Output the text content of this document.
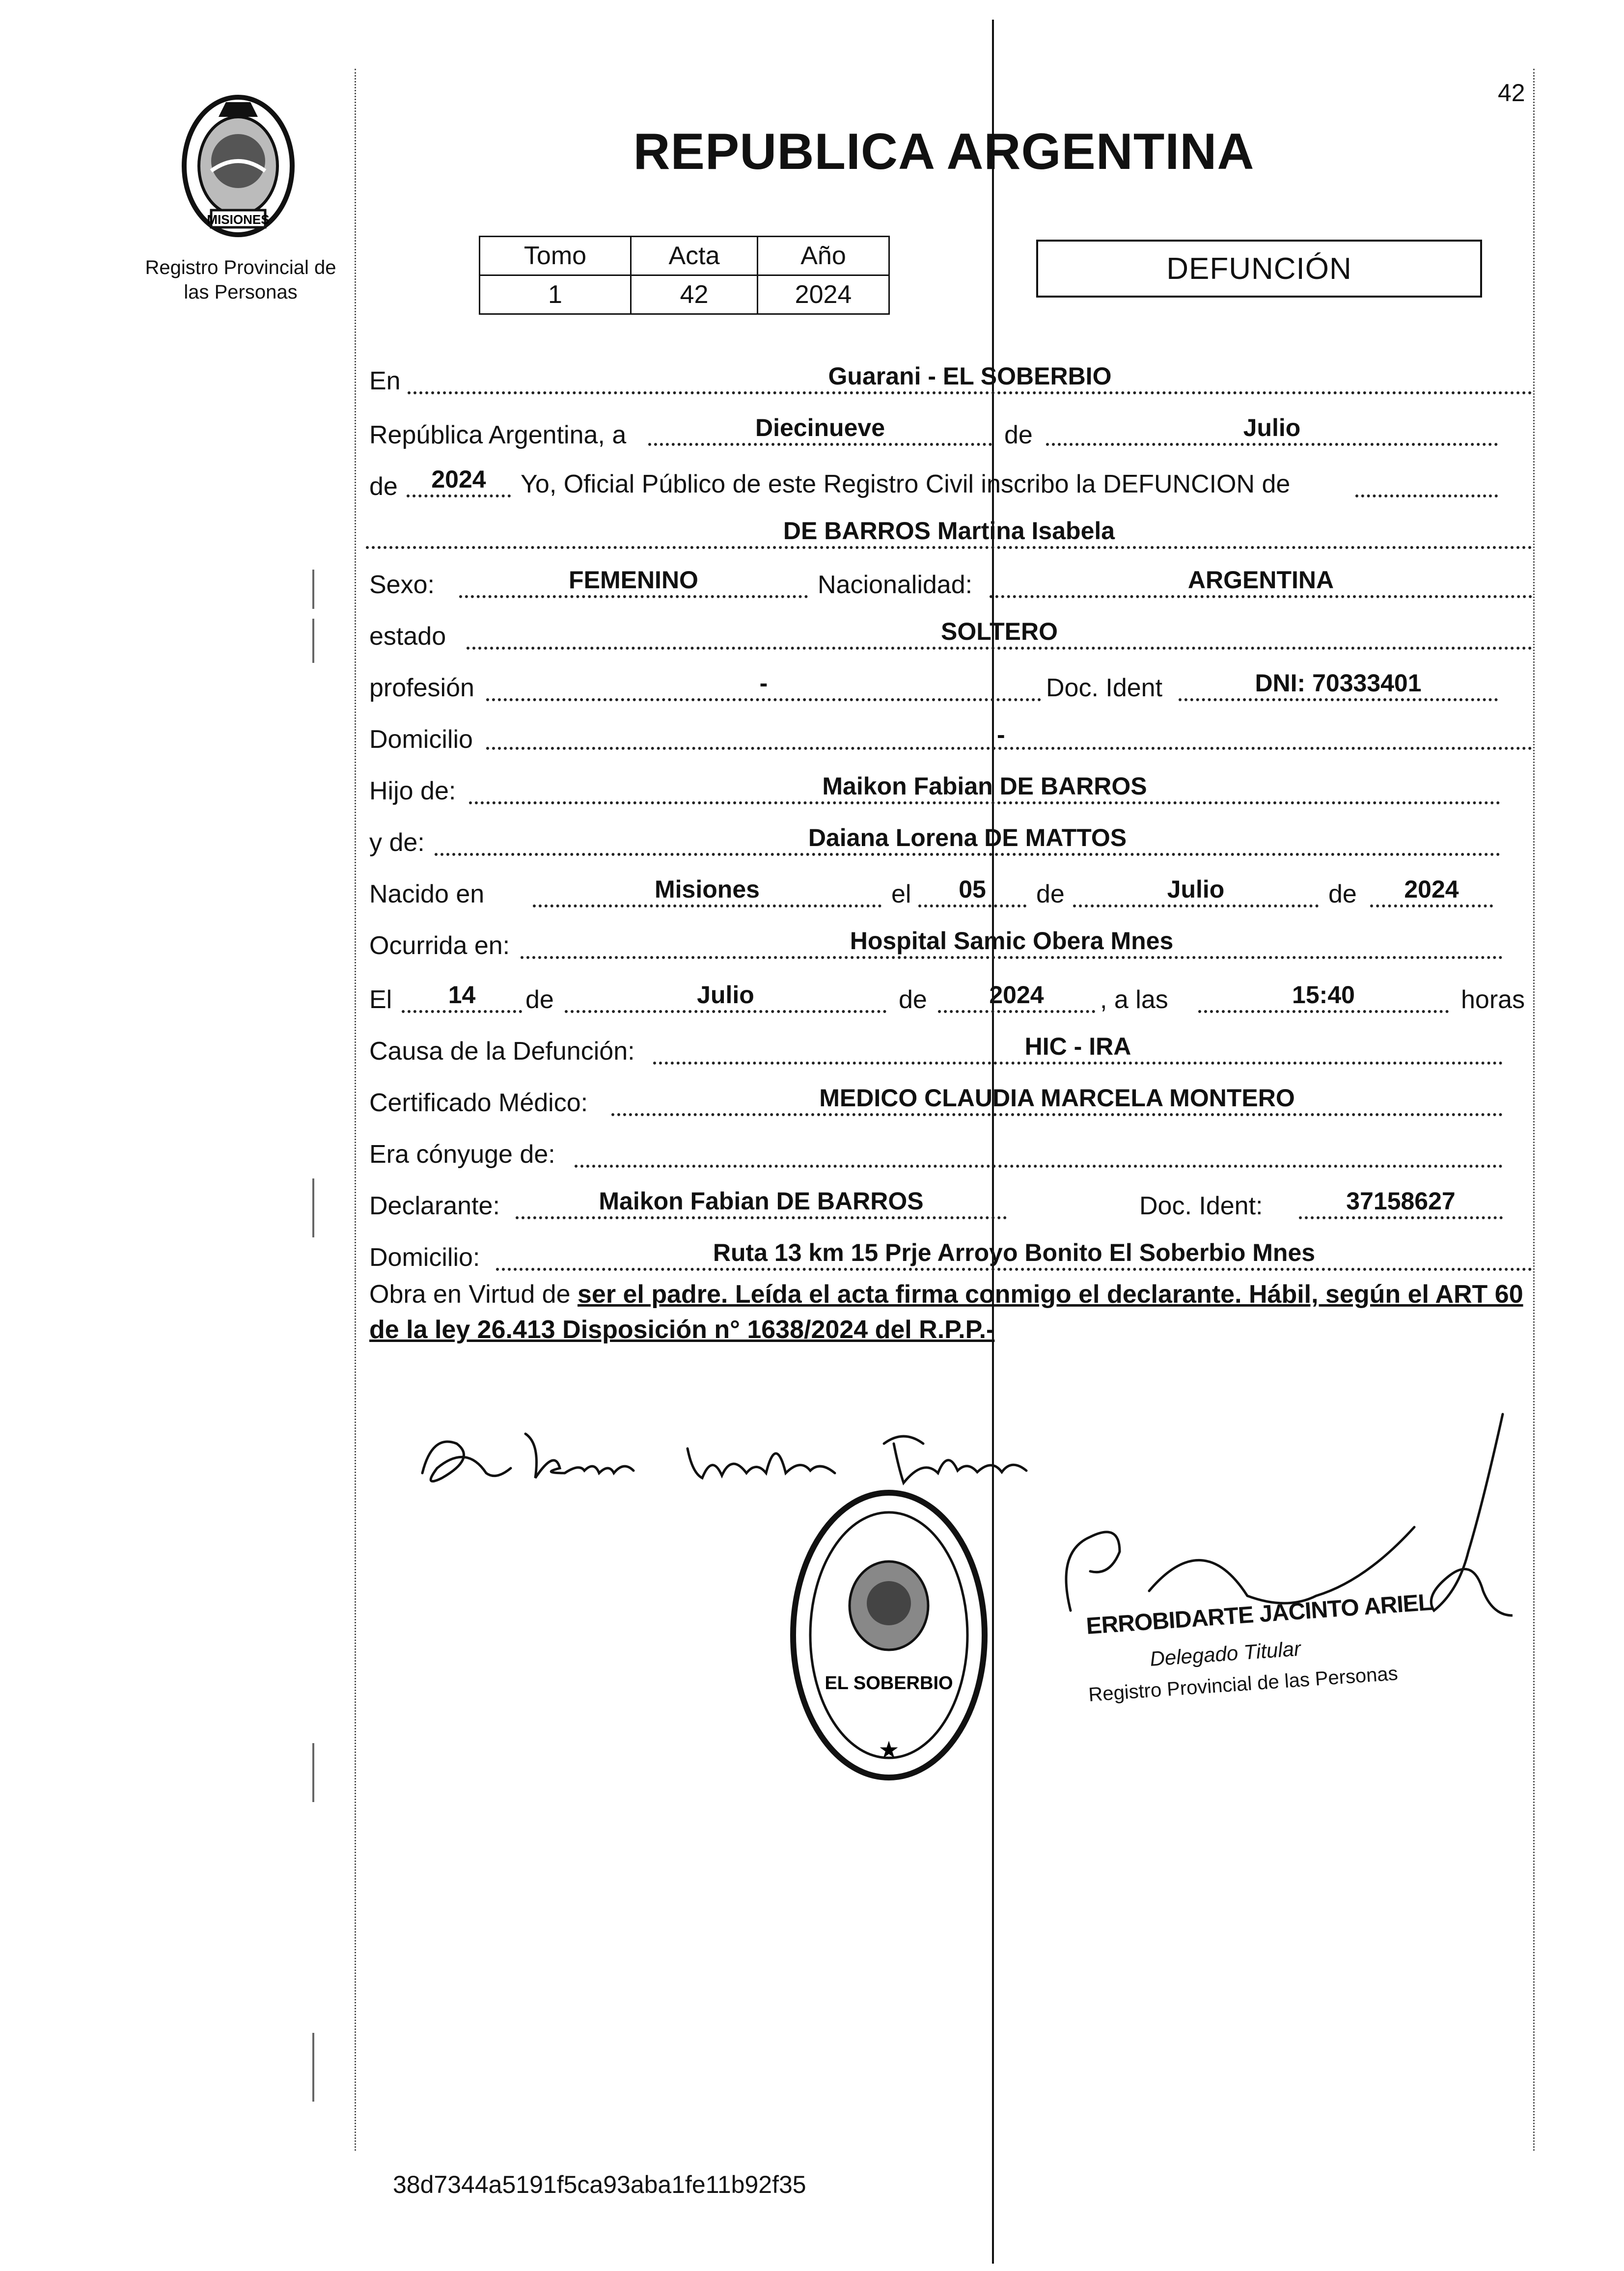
42
MISIONES
Registro Provincial de
las Personas
REPUBLICA ARGENTINA
Tomo	Acta	Año
1	42	2024
DEFUNCIÓN
En	Guarani - EL SOBERBIO
República Argentina, a	Diecinueve	de	Julio
de	2024	Yo, Oficial Público de este Registro Civil inscribo la DEFUNCION de
DE BARROS Martina Isabela
Sexo:	FEMENINO	Nacionalidad:	ARGENTINA
estado	SOLTERO
profesión	-	Doc. Ident	DNI: 70333401
Domicilio	-
Hijo de:	Maikon Fabian DE BARROS
y de:	Daiana Lorena DE MATTOS
Nacido en	Misiones	el	05	de	Julio	de	2024
Ocurrida en:	Hospital Samic Obera Mnes
El	14	de	Julio	de	2024	, a las	15:40	horas
Causa de la Defunción:	HIC - IRA
Certificado Médico:	MEDICO CLAUDIA MARCELA MONTERO
Era cónyuge de:
Declarante:	Maikon Fabian DE BARROS	Doc. Ident:	37158627
Domicilio:	Ruta 13 km 15 Prje Arroyo Bonito El Soberbio Mnes
Obra en Virtud de ser el padre. Leída el acta firma conmigo el declarante. Hábil, según el ART 60 de la ley 26.413 Disposición n° 1638/2024 del R.P.P.-
EL SOBERBIO
★
ERROBIDARTE JACINTO ARIEL
Delegado Titular
Registro Provincial de las Personas
38d7344a5191f5ca93aba1fe11b92f35
